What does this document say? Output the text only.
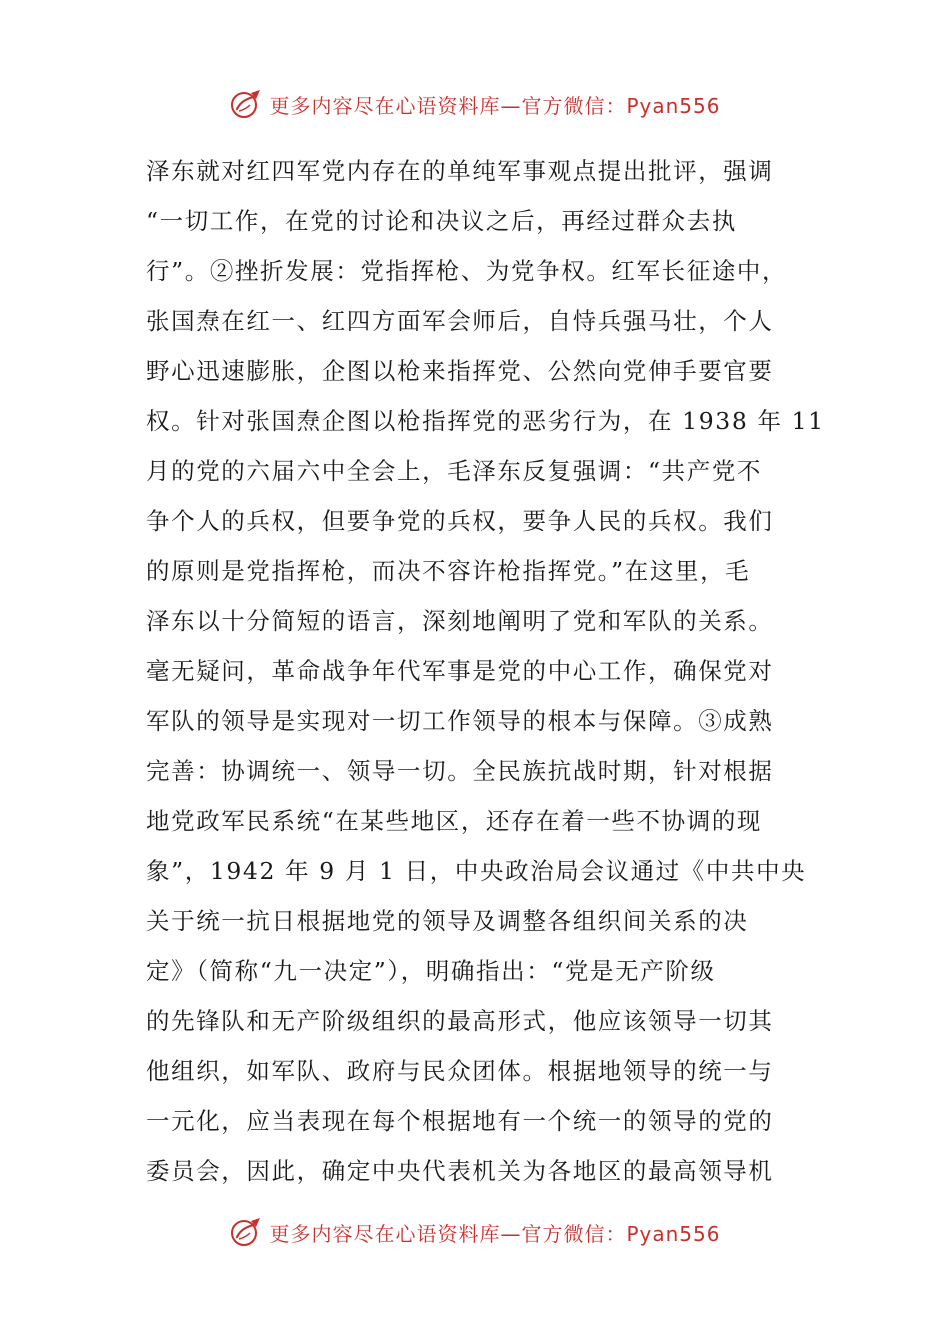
更多内容尽在心语资料库—官方微信：Pyan556
泽东就对红四军党内存在的单纯军事观点提出批评，强调
“一切工作，在党的讨论和决议之后，再经过群众去执
行”。②挫折发展：党指挥枪、为党争权。红军长征途中，
张国焘在红一、红四方面军会师后，自恃兵强马壮，个人
野心迅速膨胀，企图以枪来指挥党、公然向党伸手要官要
权。针对张国焘企图以枪指挥党的恶劣行为，在 1938 年 11
月的党的六届六中全会上，毛泽东反复强调：“共产党不
争个人的兵权，但要争党的兵权，要争人民的兵权。我们
的原则是党指挥枪，而决不容许枪指挥党。”在这里，毛
泽东以十分简短的语言，深刻地阐明了党和军队的关系。
毫无疑问，革命战争年代军事是党的中心工作，确保党对
军队的领导是实现对一切工作领导的根本与保障。③成熟
完善：协调统一、领导一切。全民族抗战时期，针对根据
地党政军民系统“在某些地区，还存在着一些不协调的现
象”，1942 年 9 月 1 日，中央政治局会议通过《中共中央
关于统一抗日根据地党的领导及调整各组织间关系的决
定》（简称“九一决定”），明确指出：“党是无产阶级
的先锋队和无产阶级组织的最高形式，他应该领导一切其
他组织，如军队、政府与民众团体。根据地领导的统一与
一元化，应当表现在每个根据地有一个统一的领导的党的
委员会，因此，确定中央代表机关为各地区的最高领导机
更多内容尽在心语资料库—官方微信：Pyan556
